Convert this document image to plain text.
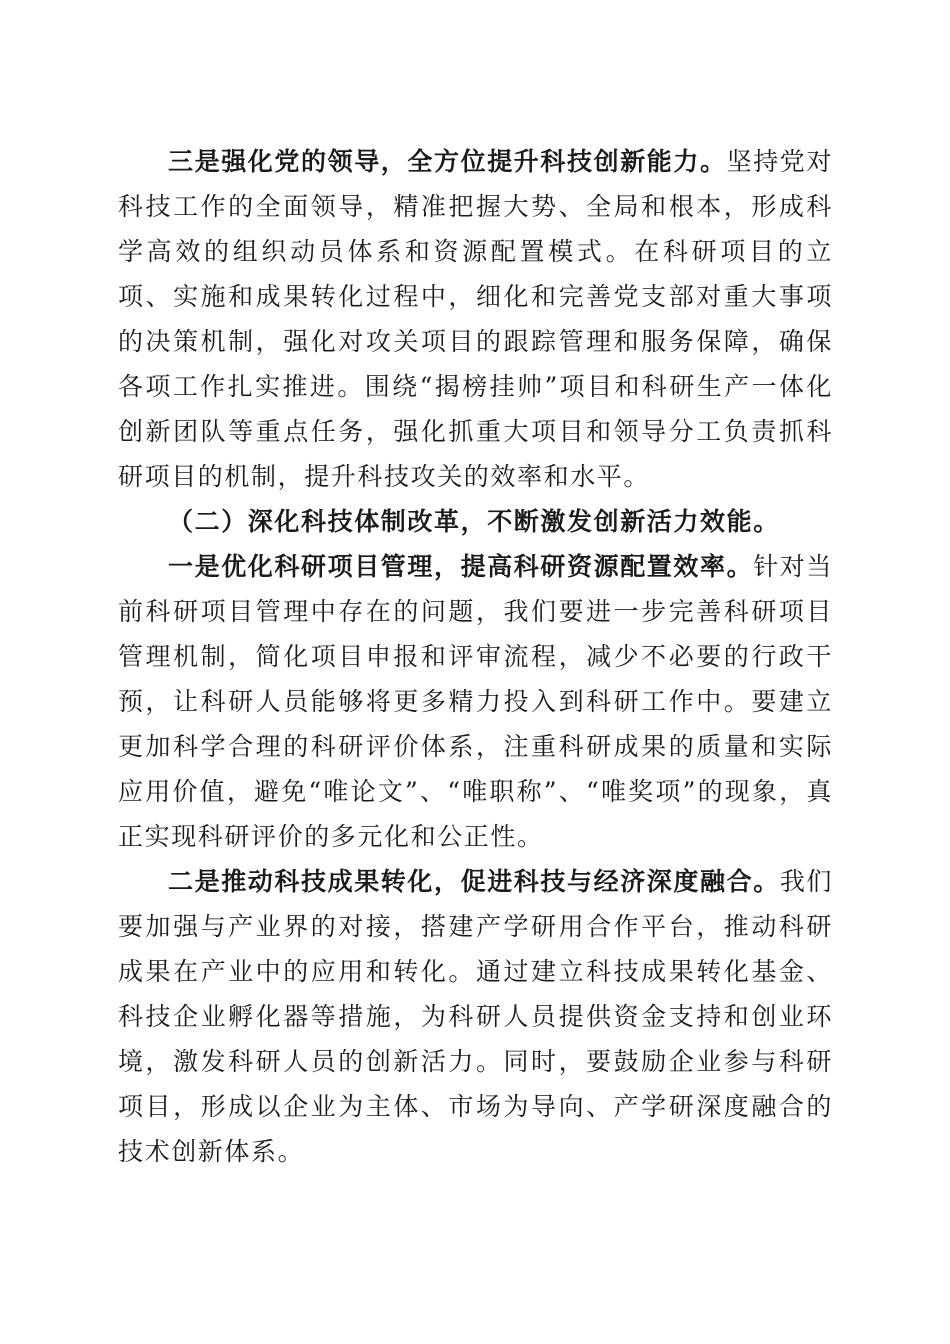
三是强化党的领导，全方位提升科技创新能力。坚持党对科技工作的全面领导，精准把握大势、全局和根本，形成科学高效的组织动员体系和资源配置模式。在科研项目的立项、实施和成果转化过程中，细化和完善党支部对重大事项的决策机制，强化对攻关项目的跟踪管理和服务保障，确保各项工作扎实推进。围绕“揭榜挂帅”项目和科研生产一体化创新团队等重点任务，强化抓重大项目和领导分工负责抓科研项目的机制，提升科技攻关的效率和水平。

（二）深化科技体制改革，不断激发创新活力效能。

一是优化科研项目管理，提高科研资源配置效率。针对当前科研项目管理中存在的问题，我们要进一步完善科研项目管理机制，简化项目申报和评审流程，减少不必要的行政干预，让科研人员能够将更多精力投入到科研工作中。要建立更加科学合理的科研评价体系，注重科研成果的质量和实际应用价值，避免“唯论文”、“唯职称”、“唯奖项”的现象，真正实现科研评价的多元化和公正性。

二是推动科技成果转化，促进科技与经济深度融合。我们要加强与产业界的对接，搭建产学研用合作平台，推动科研成果在产业中的应用和转化。通过建立科技成果转化基金、科技企业孵化器等措施，为科研人员提供资金支持和创业环境，激发科研人员的创新活力。同时，要鼓励企业参与科研项目，形成以企业为主体、市场为导向、产学研深度融合的技术创新体系。
